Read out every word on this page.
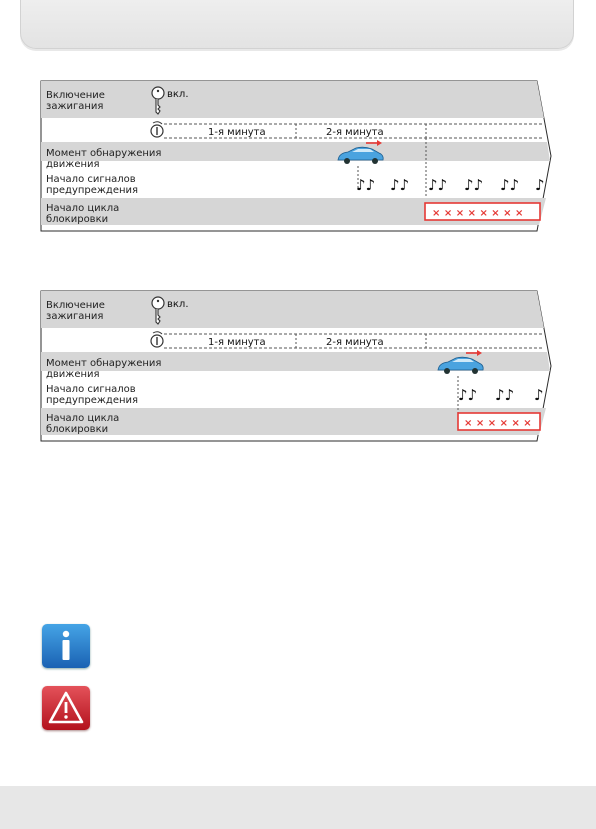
Включение
зажигания
Момент обнаружения
движения
Начало сигналов
предупреждения
Начало цикла
блокировки
вкл.
1-я минута	2-я минута
♪♪ ♪♪ ♪♪ ♪♪ ♪♪ ♪
× × × × × × × ×
Включение
зажигания
Момент обнаружения
движения
Начало сигналов
предупреждения
Начало цикла
блокировки
вкл.
1-я минута	2-я минута
♪♪ ♪♪ ♪
× × × × × ×
